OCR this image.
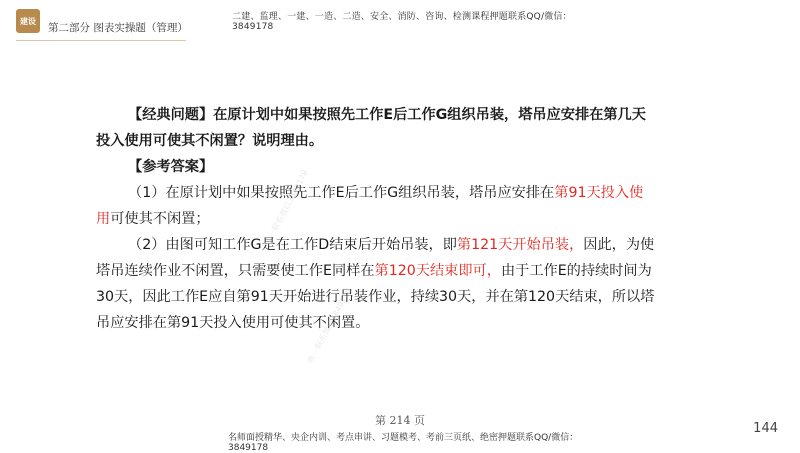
建设
第二部分 图表实操题（管理）
二建、监理、一建、一造、二造、安全、消防、咨询、检测课程押题联系QQ/微信：3849178

【经典问题】在原计划中如果按照先工作E后工作G组织吊装，塔吊应安排在第几天投入使用可使其不闲置？说明理由。

【参考答案】

（1）在原计划中如果按照先工作E后工作G组织吊装，塔吊应安排在第91天投入使用可使其不闲置；

（2）由图可知工作G是在工作D结束后开始吊装，即第121天开始吊装，因此，为使塔吊连续作业不闲置，只需要使工作E同样在第120天结束即可，由于工作E的持续时间为30天，因此工作E应自第91天开始进行吊装作业，持续30天，并在第120天结束，所以塔吊应安排在第91天投入使用可使其不闲置。

唯一联系微信3849178
唯一联系微信3849178
第 214 页
144
名师面授精华、央企内训、考点串讲、习题模考、考前三页纸、绝密押题联系QQ/微信：3849178
